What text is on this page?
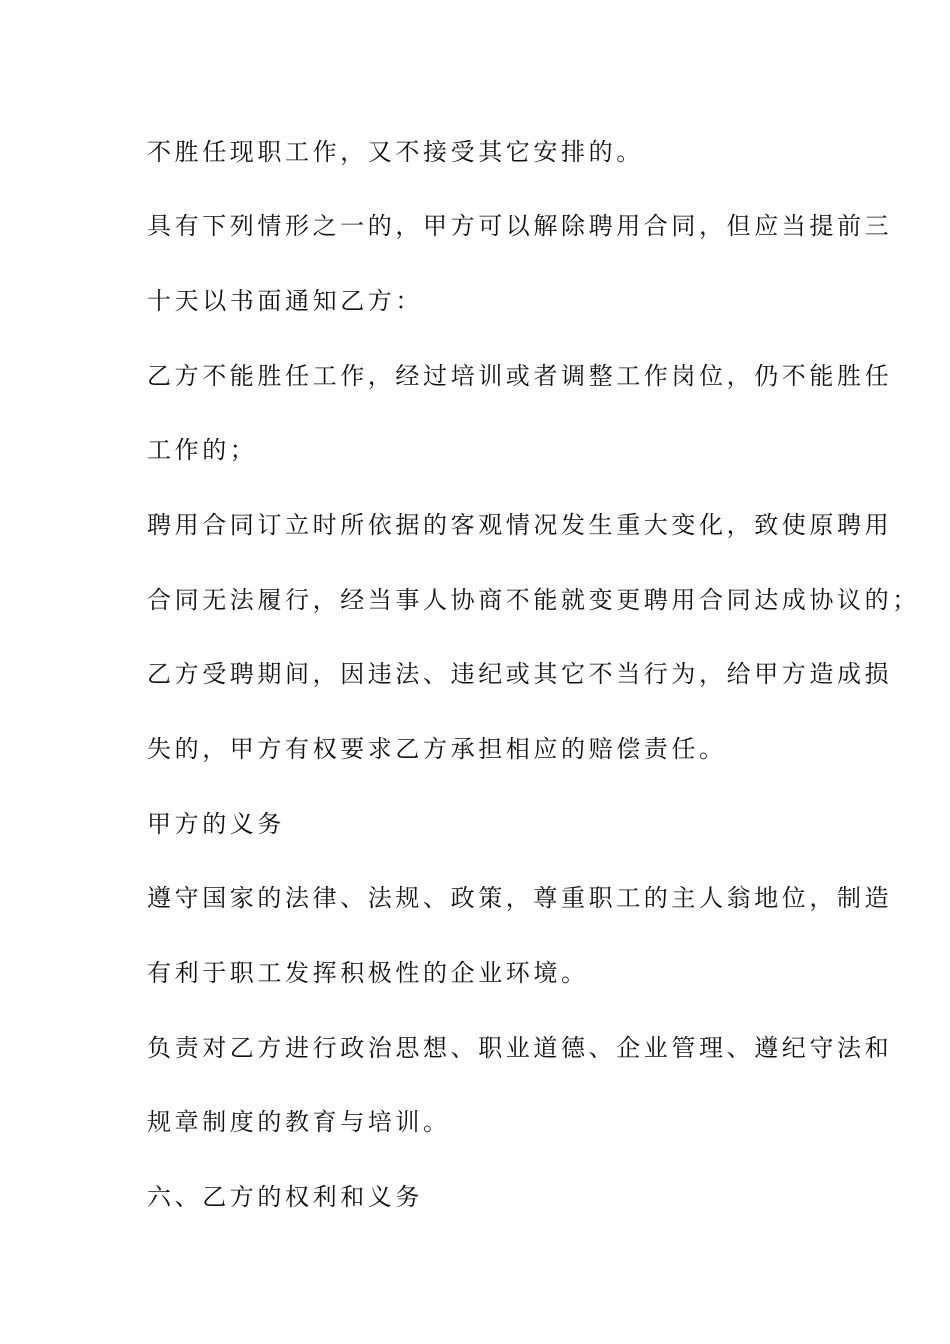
不胜任现职工作，又不接受其它安排的。
具有下列情形之一的，甲方可以解除聘用合同，但应当提前三
十天以书面通知乙方：
乙方不能胜任工作，经过培训或者调整工作岗位，仍不能胜任
工作的；
聘用合同订立时所依据的客观情况发生重大变化，致使原聘用
合同无法履行，经当事人协商不能就变更聘用合同达成协议的；
乙方受聘期间，因违法、违纪或其它不当行为，给甲方造成损
失的，甲方有权要求乙方承担相应的赔偿责任。
甲方的义务
遵守国家的法律、法规、政策，尊重职工的主人翁地位，制造
有利于职工发挥积极性的企业环境。
负责对乙方进行政治思想、职业道德、企业管理、遵纪守法和
规章制度的教育与培训。
六、乙方的权利和义务
